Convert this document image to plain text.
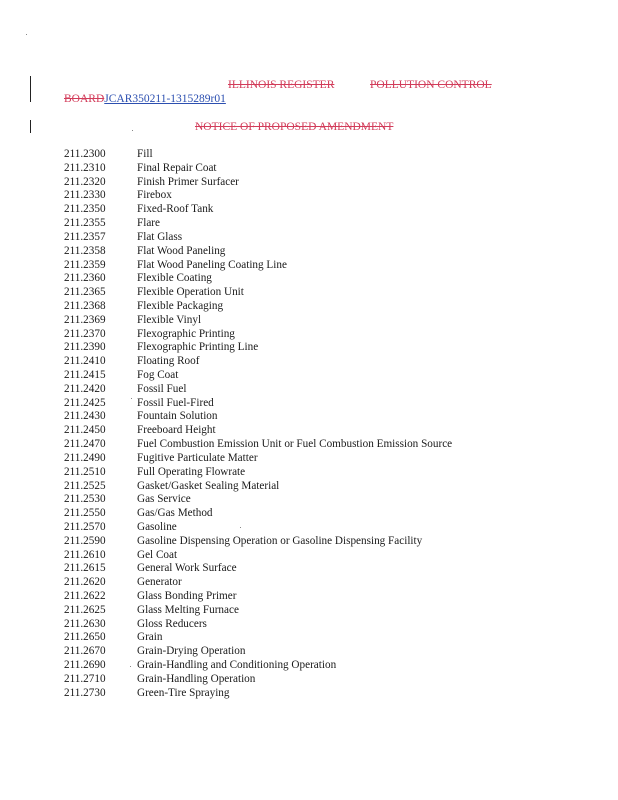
ILLINOIS REGISTER	POLLUTION CONTROL
BOARDJCAR350211-1315289r01
NOTICE OF PROPOSED AMENDMENT
211.2300	Fill
211.2310	Final Repair Coat
211.2320	Finish Primer Surfacer
211.2330	Firebox
211.2350	Fixed-Roof Tank
211.2355	Flare
211.2357	Flat Glass
211.2358	Flat Wood Paneling
211.2359	Flat Wood Paneling Coating Line
211.2360	Flexible Coating
211.2365	Flexible Operation Unit
211.2368	Flexible Packaging
211.2369	Flexible Vinyl
211.2370	Flexographic Printing
211.2390	Flexographic Printing Line
211.2410	Floating Roof
211.2415	Fog Coat
211.2420	Fossil Fuel
211.2425	Fossil Fuel-Fired
211.2430	Fountain Solution
211.2450	Freeboard Height
211.2470	Fuel Combustion Emission Unit or Fuel Combustion Emission Source
211.2490	Fugitive Particulate Matter
211.2510	Full Operating Flowrate
211.2525	Gasket/Gasket Sealing Material
211.2530	Gas Service
211.2550	Gas/Gas Method
211.2570	Gasoline
211.2590	Gasoline Dispensing Operation or Gasoline Dispensing Facility
211.2610	Gel Coat
211.2615	General Work Surface
211.2620	Generator
211.2622	Glass Bonding Primer
211.2625	Glass Melting Furnace
211.2630	Gloss Reducers
211.2650	Grain
211.2670	Grain-Drying Operation
211.2690	Grain-Handling and Conditioning Operation
211.2710	Grain-Handling Operation
211.2730	Green-Tire Spraying
